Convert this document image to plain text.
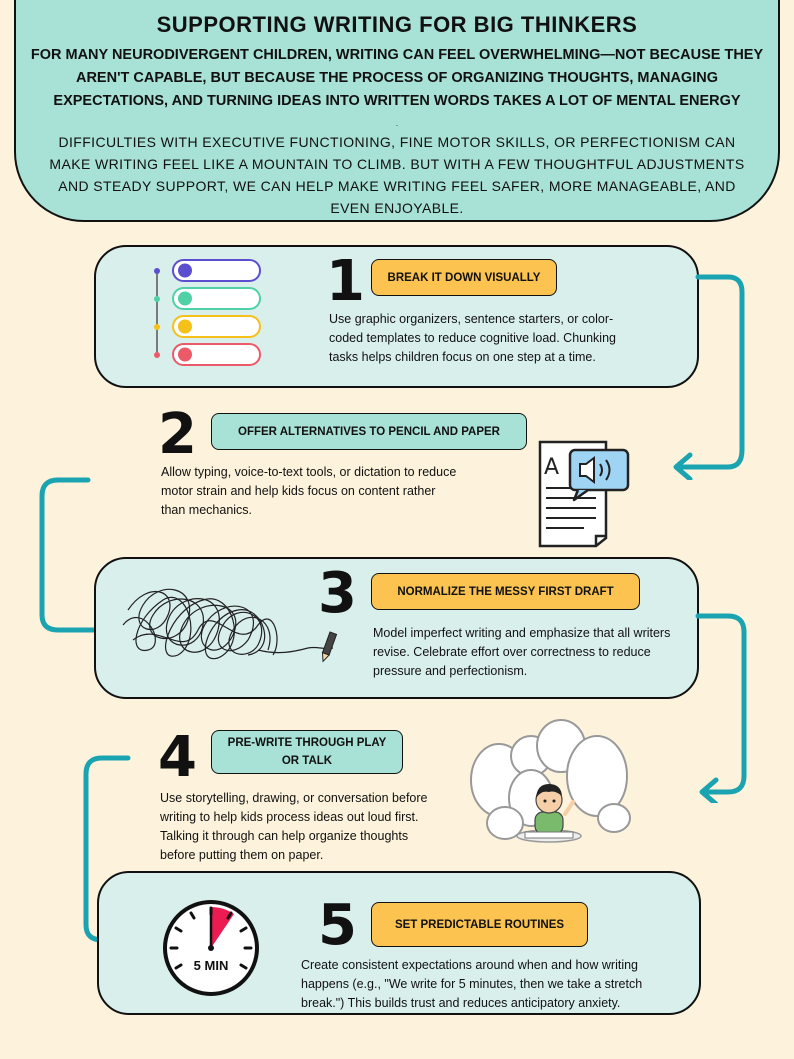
SUPPORTING WRITING FOR BIG THINKERS
FOR MANY NEURODIVERGENT CHILDREN, WRITING CAN FEEL OVERWHELMING—NOT BECAUSE THEY AREN'T CAPABLE, BUT BECAUSE THE PROCESS OF ORGANIZING THOUGHTS, MANAGING EXPECTATIONS, AND TURNING IDEAS INTO WRITTEN WORDS TAKES A LOT OF MENTAL ENERGY
.
DIFFICULTIES WITH EXECUTIVE FUNCTIONING, FINE MOTOR SKILLS, OR PERFECTIONISM CAN MAKE WRITING FEEL LIKE A MOUNTAIN TO CLIMB. BUT WITH A FEW THOUGHTFUL ADJUSTMENTS AND STEADY SUPPORT, WE CAN HELP MAKE WRITING FEEL SAFER, MORE MANAGEABLE, AND EVEN ENJOYABLE.
1	BREAK IT DOWN VISUALLY
Use graphic organizers, sentence starters, or color-coded templates to reduce cognitive load. Chunking tasks helps children focus on one step at a time.
2	OFFER ALTERNATIVES TO PENCIL AND PAPER
Allow typing, voice-to-text tools, or dictation to reduce motor strain and help kids focus on content rather than mechanics.
A
3	NORMALIZE THE MESSY FIRST DRAFT
Model imperfect writing and emphasize that all writers revise. Celebrate effort over correctness to reduce pressure and perfectionism.
4	PRE-WRITE THROUGH PLAY OR TALK
Use storytelling, drawing, or conversation before writing to help kids process ideas out loud first. Talking it through can help organize thoughts before putting them on paper.
5 MIN
5	SET PREDICTABLE ROUTINES
Create consistent expectations around when and how writing happens (e.g., "We write for 5 minutes, then we take a stretch break.") This builds trust and reduces anticipatory anxiety.
